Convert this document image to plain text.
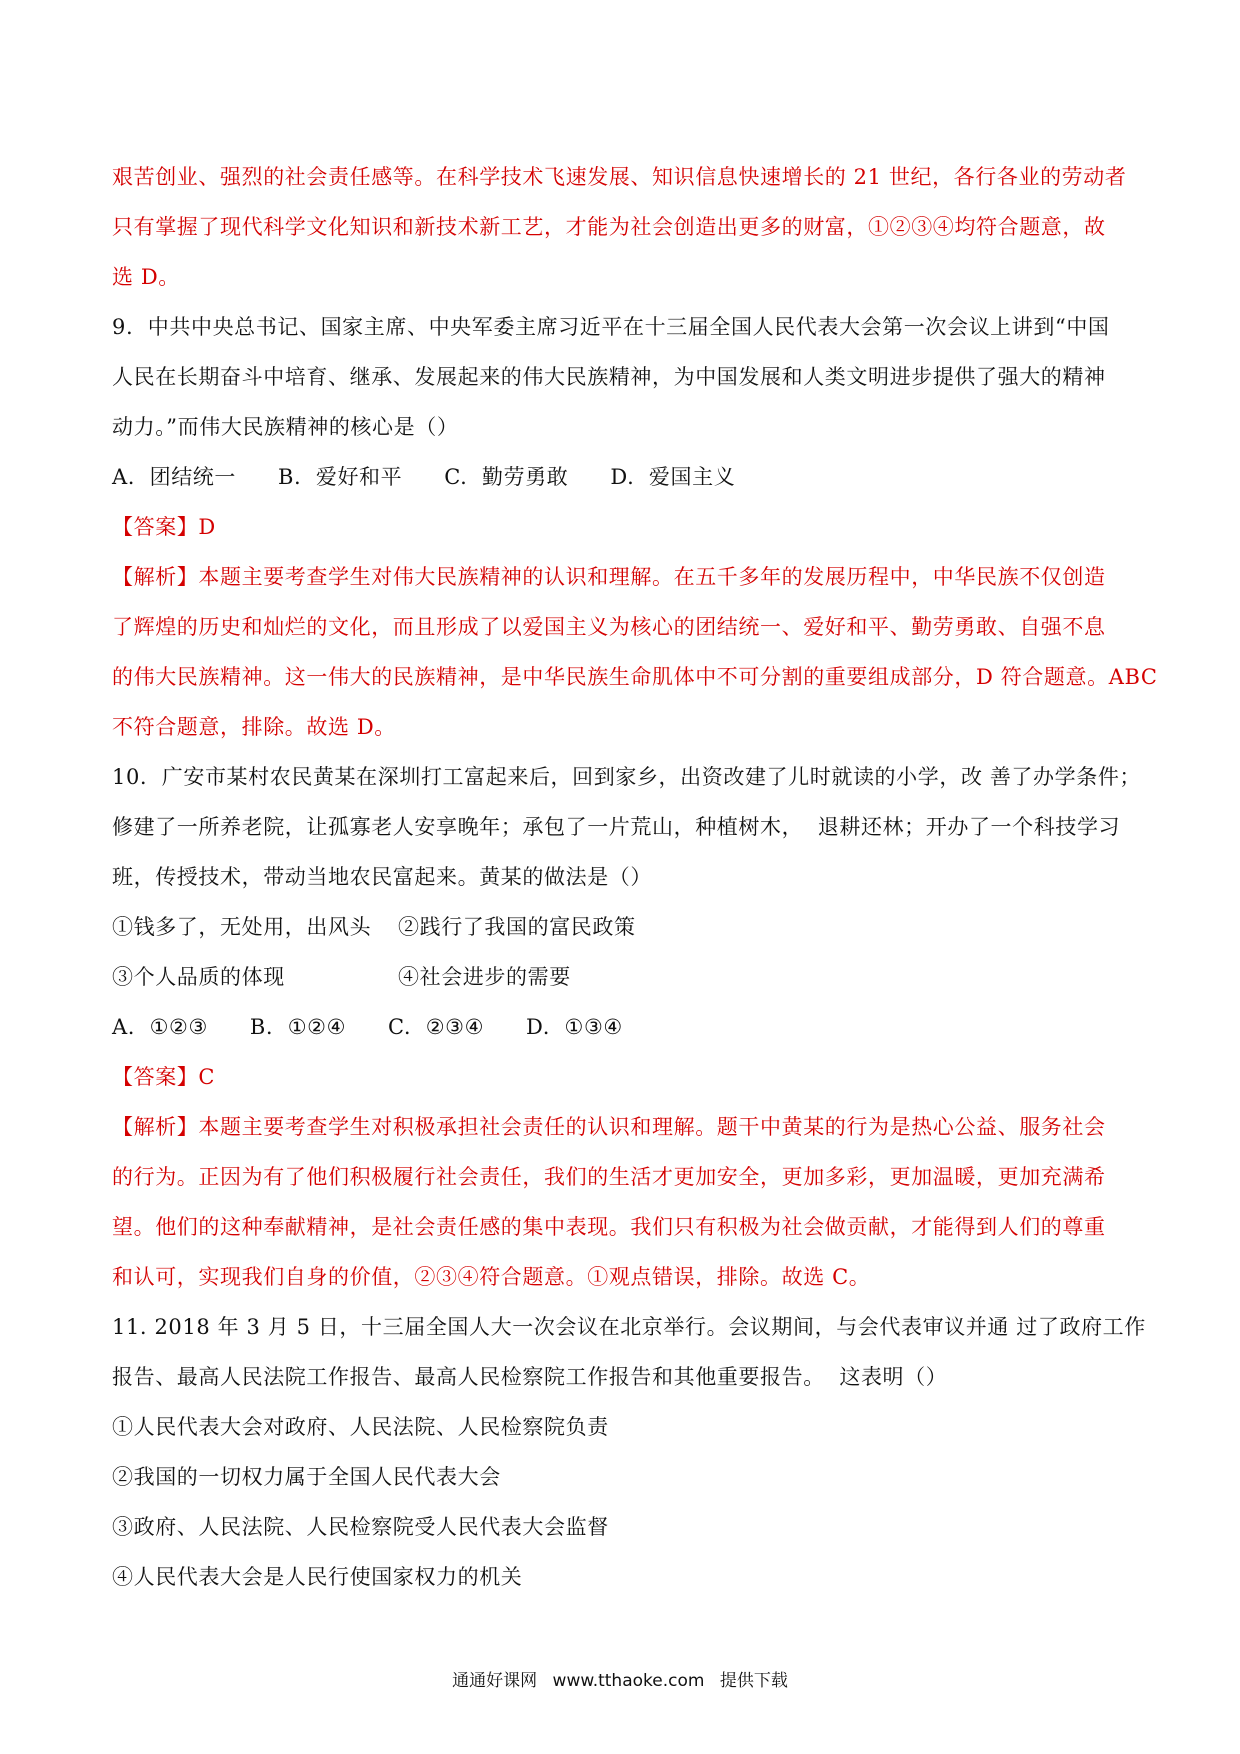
艰苦创业、强烈的社会责任感等。在科学技术飞速发展、知识信息快速增长的 21 世纪，各行各业的劳动者
只有掌握了现代科学文化知识和新技术新工艺，才能为社会创造出更多的财富，①②③④均符合题意，故
选 D。
9.  中共中央总书记、国家主席、中央军委主席习近平在十三届全国人民代表大会第一次会议上讲到“中国
人民在长期奋斗中培育、继承、发展起来的伟大民族精神，为中国发展和人类文明进步提供了强大的精神
动力。”而伟大民族精神的核心是（）
A.  团结统一 B.  爱好和平 C.  勤劳勇敢 D.  爱国主义
【答案】D
【解析】本题主要考查学生对伟大民族精神的认识和理解。在五千多年的发展历程中，中华民族不仅创造
了辉煌的历史和灿烂的文化，而且形成了以爱国主义为核心的团结统一、爱好和平、勤劳勇敢、自强不息
的伟大民族精神。这一伟大的民族精神，是中华民族生命肌体中不可分割的重要组成部分，D 符合题意。ABC
不符合题意，排除。故选 D。
10.  广安市某村农民黄某在深圳打工富起来后，回到家乡，出资改建了儿时就读的小学，改 善了办学条件；
修建了一所养老院，让孤寡老人安享晚年；承包了一片荒山，种植树木，  退耕还林；开办了一个科技学习
班，传授技术，带动当地农民富起来。黄某的做法是（）
①钱多了，无处用，出风头	②践行了我国的富民政策
③个人品质的体现	④社会进步的需要
A.  ①②③ B.  ①②④ C.  ②③④ D.  ①③④
【答案】C
【解析】本题主要考查学生对积极承担社会责任的认识和理解。题干中黄某的行为是热心公益、服务社会
的行为。正因为有了他们积极履行社会责任，我们的生活才更加安全，更加多彩，更加温暖，更加充满希
望。他们的这种奉献精神，是社会责任感的集中表现。我们只有积极为社会做贡献，才能得到人们的尊重
和认可，实现我们自身的价值，②③④符合题意。①观点错误，排除。故选 C。
11. 2018 年 3 月 5 日，十三届全国人大一次会议在北京举行。会议期间，与会代表审议并通 过了政府工作
报告、最高人民法院工作报告、最高人民检察院工作报告和其他重要报告。  这表明（）
①人民代表大会对政府、人民法院、人民检察院负责
②我国的一切权力属于全国人民代表大会
③政府、人民法院、人民检察院受人民代表大会监督
④人民代表大会是人民行使国家权力的机关
通通好课网 www.tthaoke.com 提供下载
